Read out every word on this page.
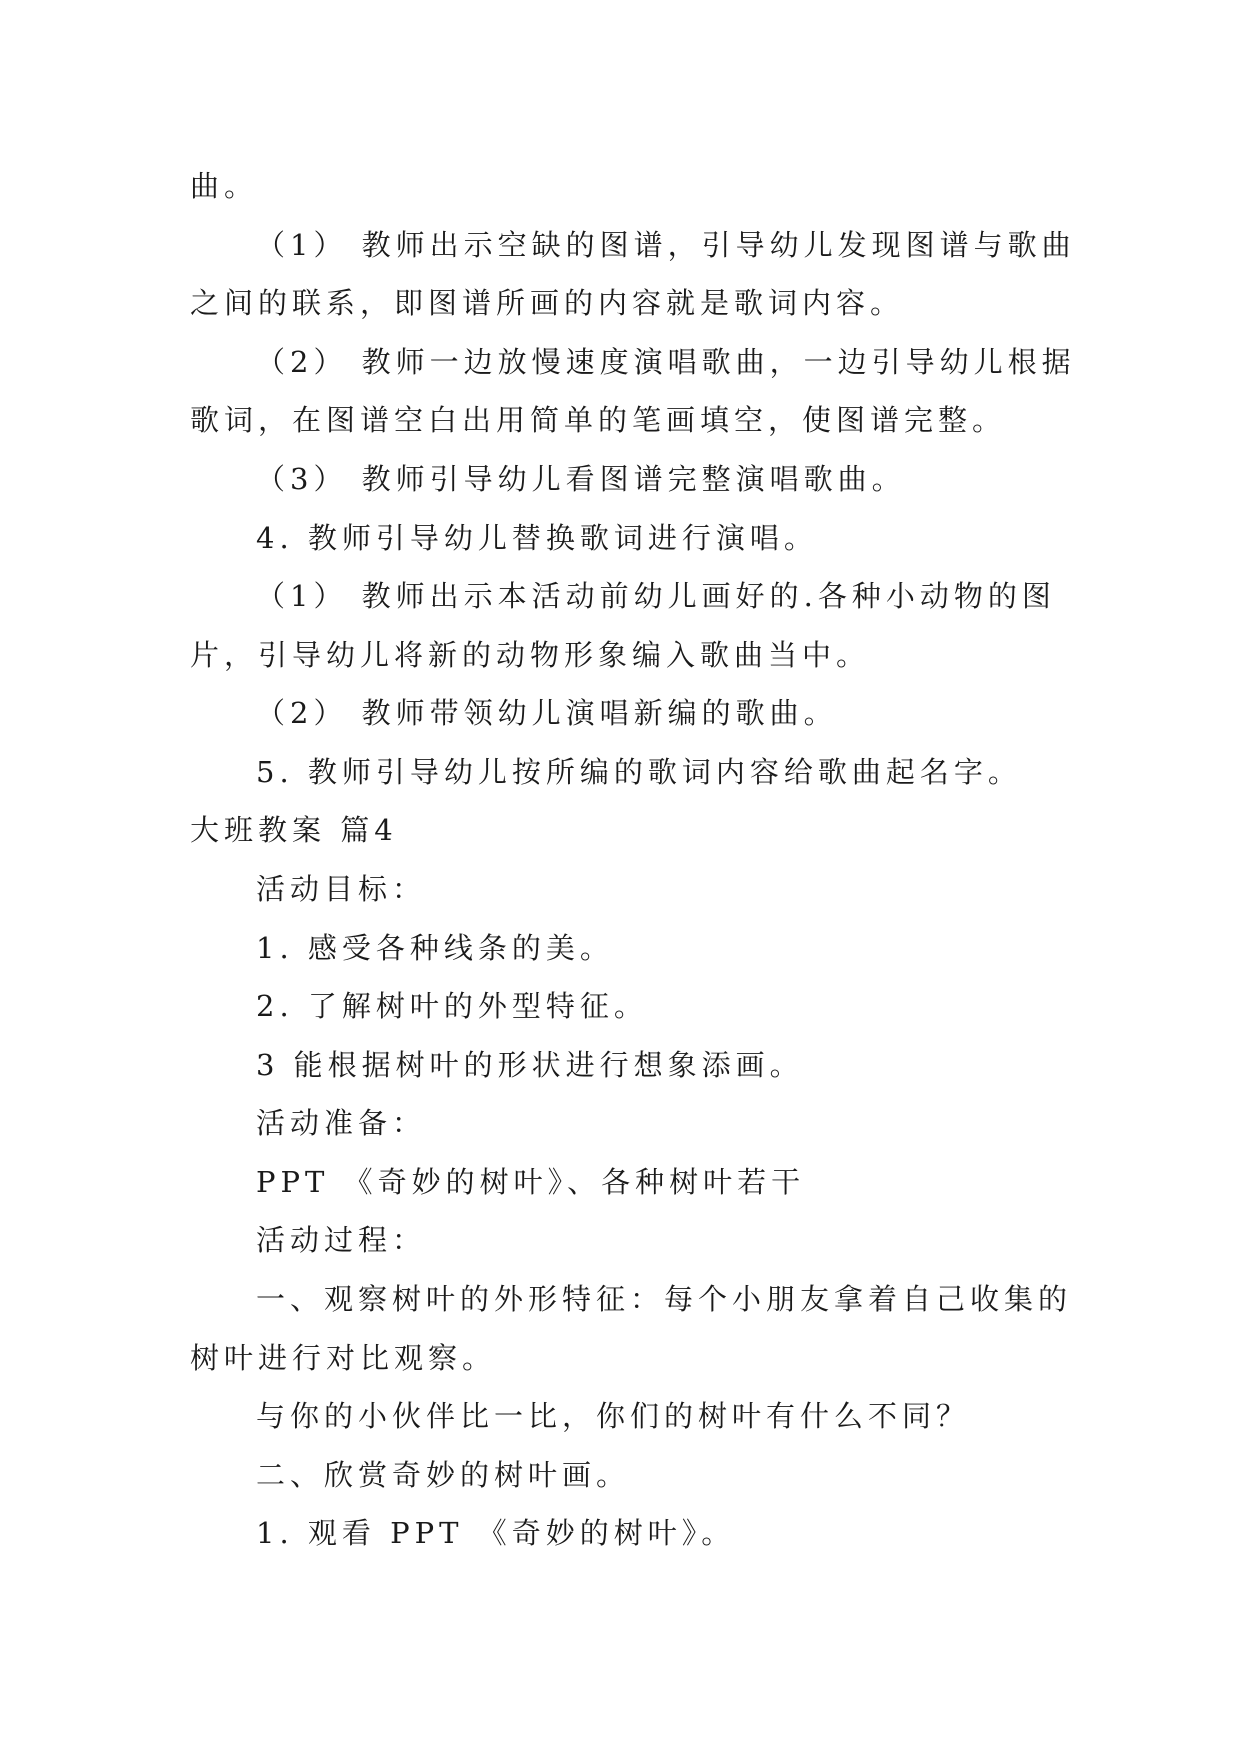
曲。
（1） 教师出示空缺的图谱，引导幼儿发现图谱与歌曲
之间的联系，即图谱所画的内容就是歌词内容。
（2） 教师一边放慢速度演唱歌曲，一边引导幼儿根据
歌词，在图谱空白出用简单的笔画填空，使图谱完整。
（3） 教师引导幼儿看图谱完整演唱歌曲。
4. 教师引导幼儿替换歌词进行演唱。
（1） 教师出示本活动前幼儿画好的.各种小动物的图
片，引导幼儿将新的动物形象编入歌曲当中。
（2） 教师带领幼儿演唱新编的歌曲。
5. 教师引导幼儿按所编的歌词内容给歌曲起名字。
大班教案 篇4
活动目标：
1. 感受各种线条的美。
2. 了解树叶的外型特征。
3 能根据树叶的形状进行想象添画。
活动准备：
PPT 《奇妙的树叶》、各种树叶若干
活动过程：
一、观察树叶的外形特征：每个小朋友拿着自己收集的
树叶进行对比观察。
与你的小伙伴比一比，你们的树叶有什么不同？
二、欣赏奇妙的树叶画。
1. 观看 PPT 《奇妙的树叶》。
